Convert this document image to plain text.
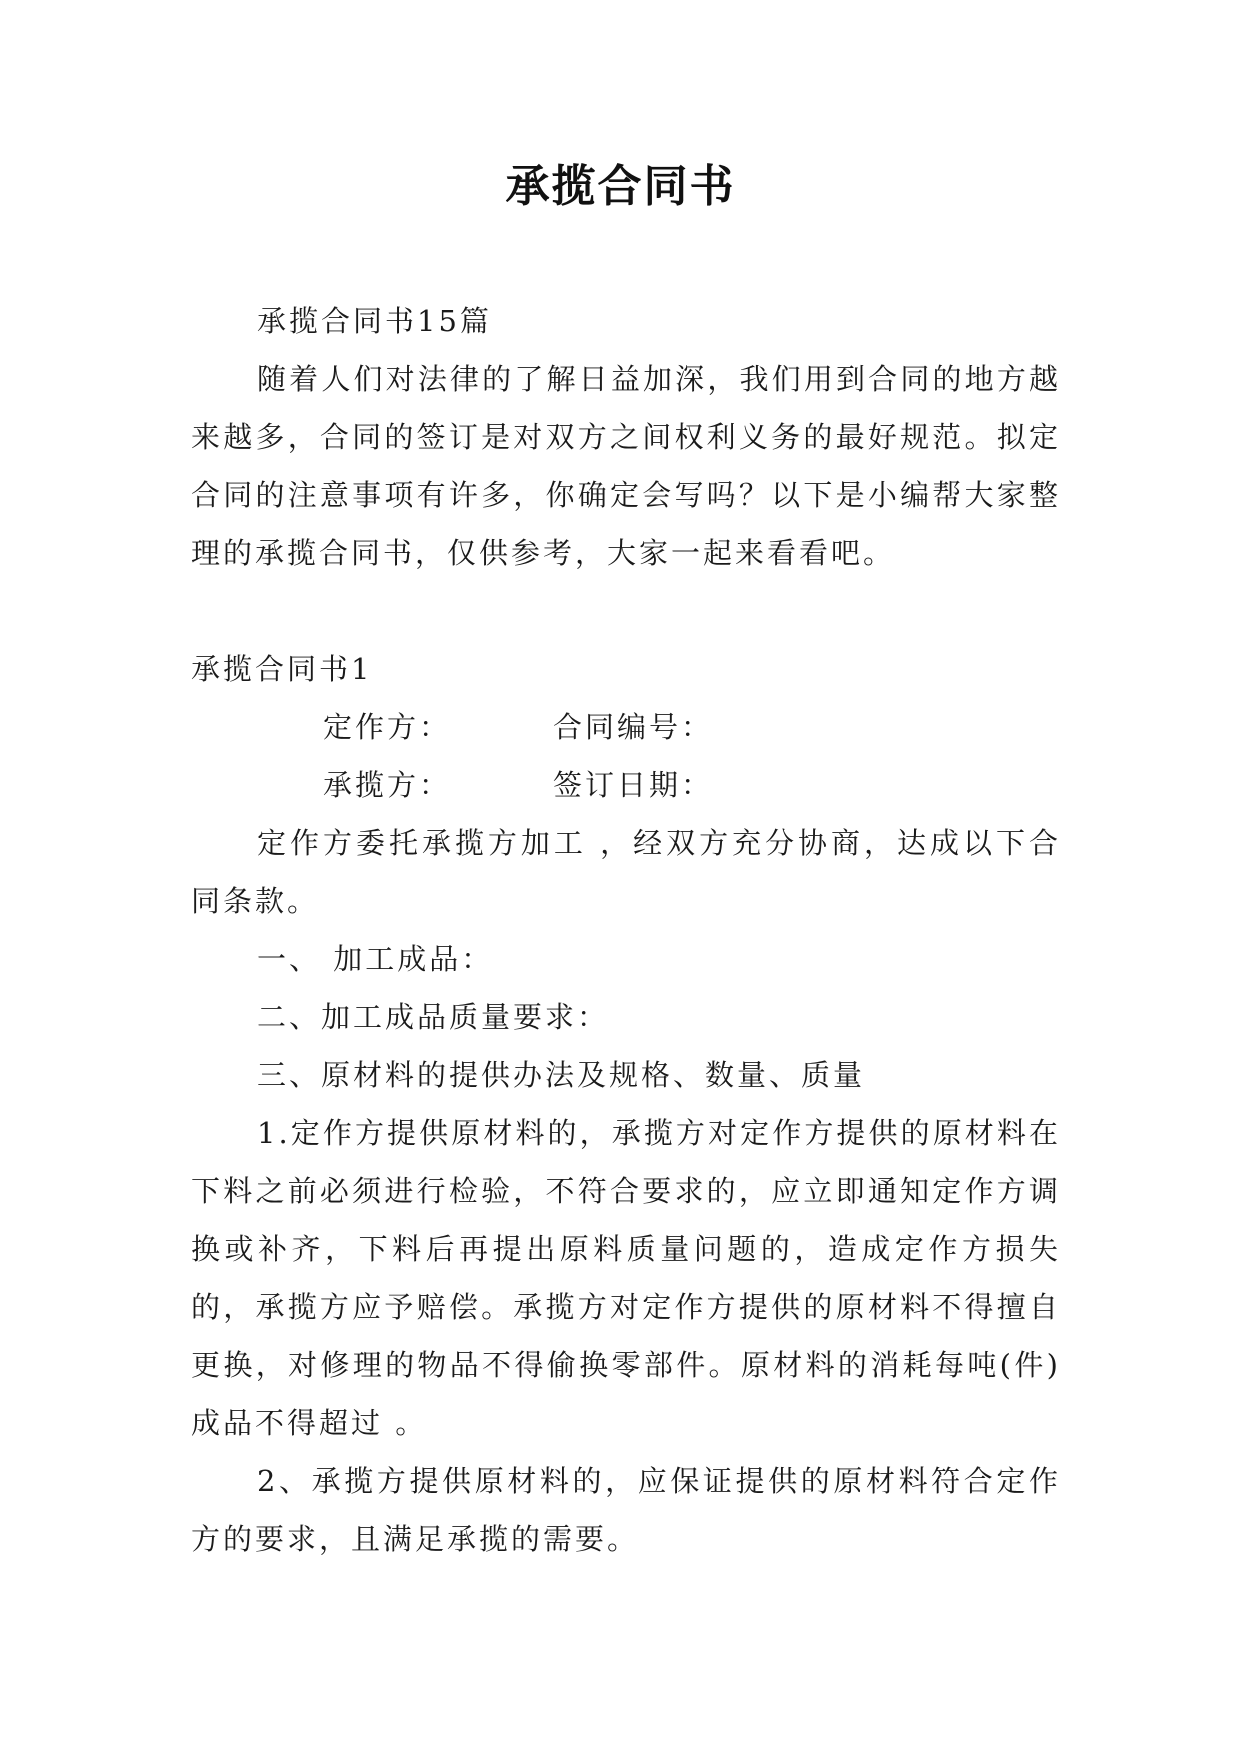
承揽合同书

承揽合同书15篇

随着人们对法律的了解日益加深，我们用到合同的地方越来越多，合同的签订是对双方之间权利义务的最好规范。拟定合同的注意事项有许多，你确定会写吗？以下是小编帮大家整理的承揽合同书，仅供参考，大家一起来看看吧。

承揽合同书1

定作方：	合同编号：

承揽方：	签订日期：

定作方委托承揽方加工 ，经双方充分协商，达成以下合同条款。

一、 加工成品：

二、加工成品质量要求：

三、原材料的提供办法及规格、数量、质量

1.定作方提供原材料的，承揽方对定作方提供的原材料在下料之前必须进行检验，不符合要求的，应立即通知定作方调换或补齐，下料后再提出原料质量问题的，造成定作方损失的，承揽方应予赔偿。承揽方对定作方提供的原材料不得擅自更换，对修理的物品不得偷换零部件。原材料的消耗每吨(件)成品不得超过 。

2、承揽方提供原材料的，应保证提供的原材料符合定作方的要求，且满足承揽的需要。
